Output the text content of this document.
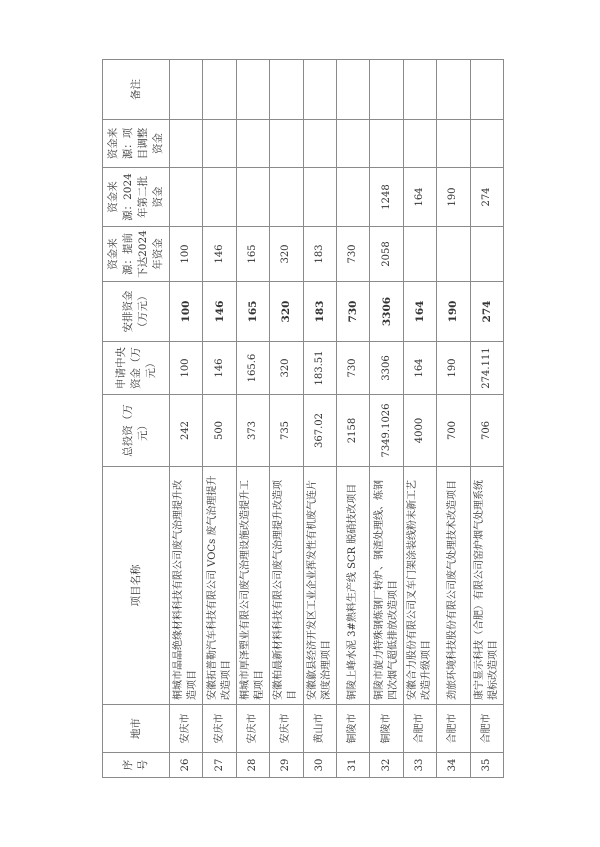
序号	地市	项目名称	总投资（万元）	申请中央资金（万元）	安排资金（万元）	资金来源：提前下达2024年资金	资金来源：2024年第二批资金	资金来源：项目调整资金	备注
26	安庆市	桐城市晶晶绝缘材料科技有限公司废气治理提升改造项目	242	100	100	100			
27	安庆市	安徽拓普勒汽车科技有限公司 VOCs 废气治理提升改造项目	500	146	146	146			
28	安庆市	桐城市厚泽塑业有限公司废气治理设施改造提升工程项目	373	165.6	165	165			
29	安庆市	安徽柏晨新材料科技有限公司废气治理提升改造项目	735	320	320	320			
30	黄山市	安徽歙县经济开发区工业企业挥发性有机废气连片深度治理项目	367.02	183.51	183	183			
31	铜陵市	铜陵上峰水泥 3#熟料生产线 SCR 脱硝技改项目	2158	730	730	730			
32	铜陵市	铜陵市旋力特殊钢炼钢厂转炉、钢渣处理线、炼钢四次烟气超低排放改造项目	7349.1026	3306	3306	2058	1248		
33	合肥市	安徽合力股份有限公司叉车门架涂装线粉末新工艺改造升级项目	4000	164	164		164		
34	合肥市	劲旅环境科技股份有限公司废气处理技术改造项目	700	190	190		190		
35	合肥市	康宁显示科技（合肥）有限公司窑炉烟气处理系统提标改造项目	706	274.111	274		274		
